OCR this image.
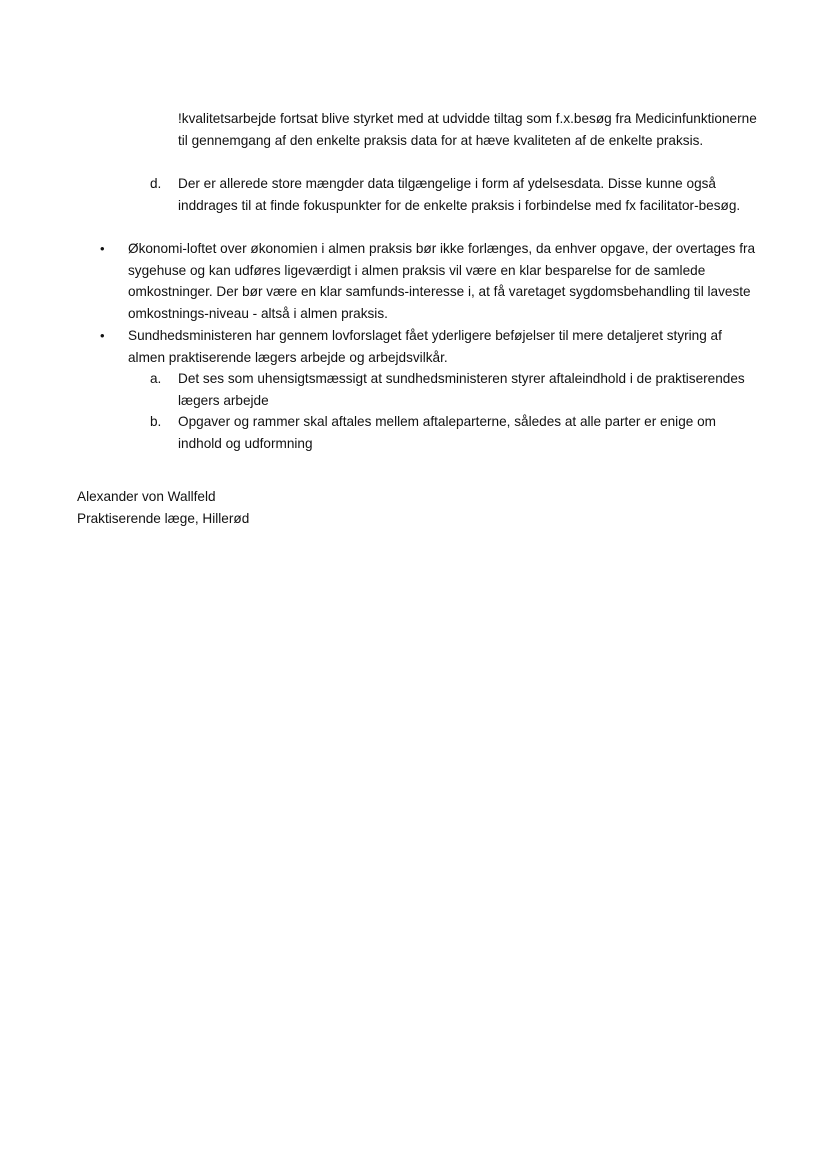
!kvalitetsarbejde fortsat blive styrket med at udvidde tiltag som f.x.besøg fra Medicinfunktionerne til gennemgang af den enkelte praksis data for at hæve kvaliteten af de enkelte praksis.
d. Der er allerede store mængder data tilgængelige i form af ydelsesdata. Disse kunne også inddrages til at finde fokuspunkter for de enkelte praksis i forbindelse med fx facilitator-besøg.
• Økonomi-loftet over økonomien i almen praksis bør ikke forlænges, da enhver opgave, der overtages fra sygehuse og kan udføres ligeværdigt i almen praksis vil være en klar besparelse for de samlede omkostninger. Der bør være en klar samfunds-interesse i, at få varetaget sygdomsbehandling til laveste omkostnings-niveau - altså i almen praksis.
• Sundhedsministeren har gennem lovforslaget fået yderligere beføjelser til mere detaljeret styring af almen praktiserende lægers arbejde og arbejdsvilkår.
a. Det ses som uhensigtsmæssigt at sundhedsministeren styrer aftaleindhold i de praktiserendes lægers arbejde
b. Opgaver og rammer skal aftales mellem aftaleparterne, således at alle parter er enige om indhold og udformning
Alexander von Wallfeld
Praktiserende læge, Hillerød
